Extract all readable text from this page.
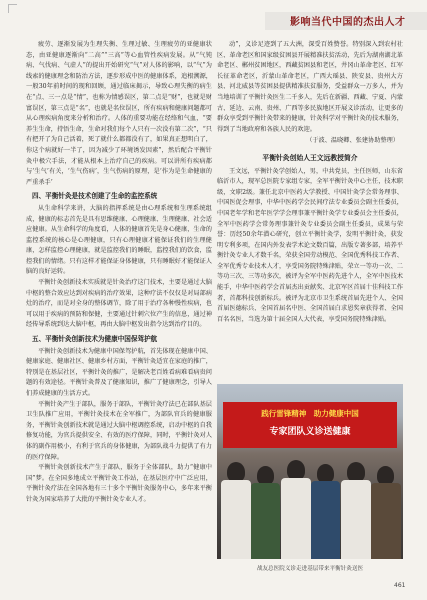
影响当代中国的杰出人才

疲劳、逐渐发展为生理失衡、生理过敏、生理疲劳的亚健康状态，由亚健康逐渐向“二高”“三高”等心血管性疾病发展。从“气钝病、气伐病、气虚人”的提出开始研究“气”对人体的影响，以“气”为线索的健康理念和防治方法，逐步形成中医的健康体系，追根溯源，一般30年前时间的现和回顾，通过临床揭示，导致心理失衡的病生在“点、三一点是“情”，也称为情感误区，第二点是“财”，也就是财富误区，第三点是“名”，也就是名位误区，所有疾病和健康问题都可从心理疾病角度来分析和治疗。人体的重要功能在经络和气血，“要养生生命，持悟生命，生命对我们每个人只有一次没有第二次”，“只有把开了为自己活着，死了就什么都都没有了，如果真正想明白了，你这个病就好一半了，因为减少了环境诱发因素”，然后配合平衡针灸中极穴手法，才能从根本上治疗自己的疾病。可以讲所有疾病都与‘生气’有关，‘生气伤病’，生气伤病的原理，是‘作为是生命健康的严重杀手’

四、平衡针灸是技术创建了生命的监控系统

从生命科学来讲，大脑的指挥系统是由心理系统和生理系统组成，健康的标志首先是具有思维健康、心理健康、生理健康、社会适应健康。从生命科学的角度看，人体的健康首先是身心健康，生命的监控系统的核心是心理健康，只有心理健康才能保证我们的生理健康，怎样监控心理健康，就是监控我们的睡眠，监控我们的饮食，监控我们的情绪。只有这样才能保证身体健康，只有睡眠好才能保证人脑的良好运转。

平衡针灸创新技术实质就是针灸治疗这门技术，主要是通过大脑中枢的整合效应达到对疾病的治疗效果，这种疗法不仅仅是对局部病灶的治疗，而是对全身的整体调节，除了用于治疗各种慢性疾病，也可以用于疾病的预防和保健，主要通过针刺穴位产生的信息，通过神经传导系统到达大脑中枢，再由大脑中枢发出指令达到治疗目的。

五、平衡针灸创新技术为健康中国保驾护航

平衡针灸创新技术为健康中国保驾护航，首先体现在健康中国、健康家庭、健康社区、健康乡村方面，平衡针灸适宜在家庭的推广，特别是在基层社区，平衡针灸的推广，是解决老百姓看病难看病贵问题的有效途径。平衡针灸普及了健康知识，推广了健康理念，引导人们养成健康的生活方式。

平衡针灸产生于部队，服务于部队，平衡针灸疗法已在部队基层卫生队推广应用，平衡针灸技术在全军推广，为部队官兵的健康服务，平衡针灸创新技术就是通过大脑中枢调控系统，启动中枢的自我修复功能，为官兵提供安全、有效的医疗保障，同时，平衡针灸对人体的副作用极小，有利于官兵的身体健康，为部队战斗力提供了有力的医疗保障。

平衡针灸创新技术产生于部队，服务于全体部队，助力“健康中国”梦。在全国多地成立平衡针灸工作站，在基层医疗中广泛应用，平衡针灸疗法在全国各地有三十多个平衡针灸服务中心，多年来平衡针灸为国家培养了大批的平衡针灸专业人才。

动”，义诊足迹到了五大洲，深受百姓赞誉。特别深入到农村社区、革命老区和国家级贫困县开展精准扶贫活动，先后为湖南湖北革命老区、郴州贫困地区，西藏贫困县和老区，井冈山革命老区、红军长征革命老区，沂蒙山革命老区，广西大瑶县、陕安县、贵州大方县、河北威县等贫困县提供精准扶贫服务，受益群众一万多人，并为当地培训了平衡针灸医生二千多人，先后在新疆、西藏、宁夏、内蒙古、延边、云南、贵州、广西等多民族地区开展义诊活动，让更多的群众享受到平衡针灸带来的健康，针灸科学对平衡针灸的技术服务，得到了当地政府和各族人民的欢迎。

（于波、温晓卿、张建协助整理）
平衡针灸创始人王文远教授简介

王文远，平衡针灸学创始人，男，中共党员，主任医师，山东省临沂市人，现军总医院专家组专家，全军平衡针灸中心主任，技术职级，文职2级。兼任北京中医药大学教授、中国针灸学会常务理事、中国医促会理事，中华中医药学会民间疗法专业委员会副主任委员，中国老年学和老年医学学会理事兼平衡针灸学专业委员会主任委员，全军中医药学会常务理事兼针灸专业委员会副主任委员，成果与荣誉：历经50余年潜心研究，创立平衡针灸学，发明平衡针灸，获发明专利多项，在国内外发表学术论文数百篇，出版专著多部，培养平衡针灸专业人才数千名，荣获全国劳动模范、全国优秀科技工作者、全军优秀专业技术人才，享受国务院特殊津贴，荣立一等功一次、二等功三次、三等功多次，被评为全军中医药先进个人，全军中医技术能手，中华中医药学会首届杰出贡献奖、北京军区首届十佳科技工作者，首都科技创新标兵。被评为北京市卫生系统首届先进个人、全国首届医德标兵、全国首届名中医、全国首届白求恩奖章获得者、全国百名名医，当选为第十届全国人大代表，享受国务院特殊津贴。

践行雷锋精神　助力健康中国
专家团队义诊送健康
战友总医院义诊走进基层带来平衡针灸送医
461
